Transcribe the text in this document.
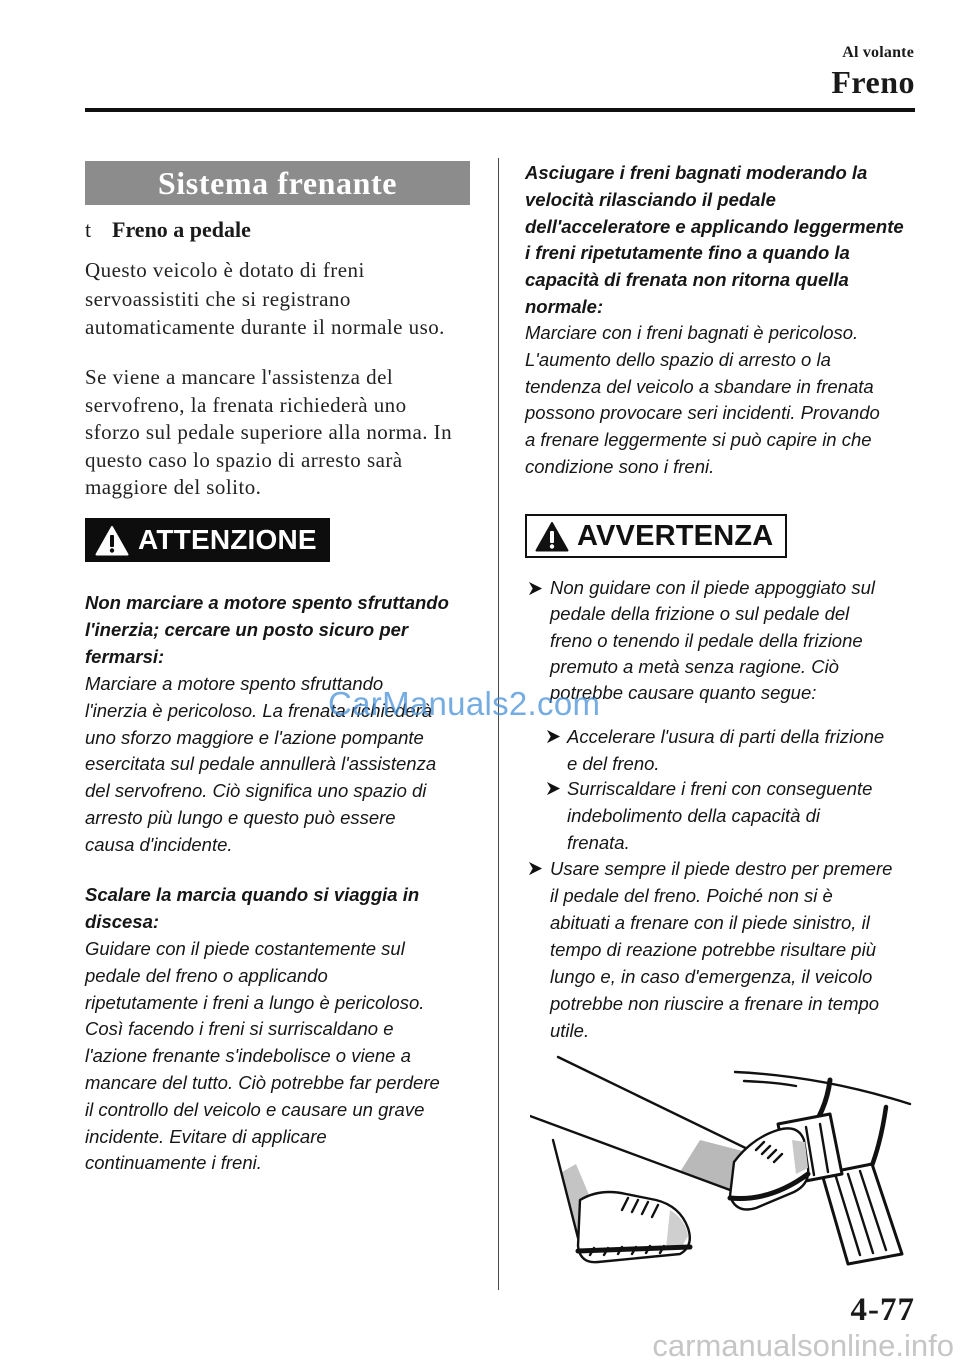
Al volante
Freno
Sistema frenante
t Freno a pedale
Questo veicolo è dotato di freni
servoassistiti che si registrano
automaticamente durante il normale uso.
Se viene a mancare l'assistenza del
servofreno, la frenata richiederà uno
sforzo sul pedale superiore alla norma. In
questo caso lo spazio di arresto sarà
maggiore del solito.
ATTENZIONE
Non marciare a motore spento sfruttando
l'inerzia; cercare un posto sicuro per
fermarsi:
Marciare a motore spento sfruttando
l'inerzia è pericoloso. La frenata richiederà
uno sforzo maggiore e l'azione pompante
esercitata sul pedale annullerà l'assistenza
del servofreno. Ciò significa uno spazio di
arresto più lungo e questo può essere
causa d'incidente.
Scalare la marcia quando si viaggia in
discesa:
Guidare con il piede costantemente sul
pedale del freno o applicando
ripetutamente i freni a lungo è pericoloso.
Così facendo i freni si surriscaldano e
l'azione frenante s'indebolisce o viene a
mancare del tutto. Ciò potrebbe far perdere
il controllo del veicolo e causare un grave
incidente. Evitare di applicare
continuamente i freni.
Asciugare i freni bagnati moderando la
velocità rilasciando il pedale
dell'acceleratore e applicando leggermente
i freni ripetutamente fino a quando la
capacità di frenata non ritorna quella
normale:
Marciare con i freni bagnati è pericoloso.
L'aumento dello spazio di arresto o la
tendenza del veicolo a sbandare in frenata
possono provocare seri incidenti. Provando
a frenare leggermente si può capire in che
condizione sono i freni.
AVVERTENZA
Non guidare con il piede appoggiato sul
pedale della frizione o sul pedale del
freno o tenendo il pedale della frizione
premuto a metà senza ragione. Ciò
potrebbe causare quanto segue:
Accelerare l'usura di parti della frizione
e del freno.
Surriscaldare i freni con conseguente
indebolimento della capacità di
frenata.
Usare sempre il piede destro per premere
il pedale del freno. Poiché non si è
abituati a frenare con il piede sinistro, il
tempo di reazione potrebbe risultare più
lungo e, in caso d'emergenza, il veicolo
potrebbe non riuscire a frenare in tempo
utile.
4-77
CarManuals2.com
carmanualsonline.info
